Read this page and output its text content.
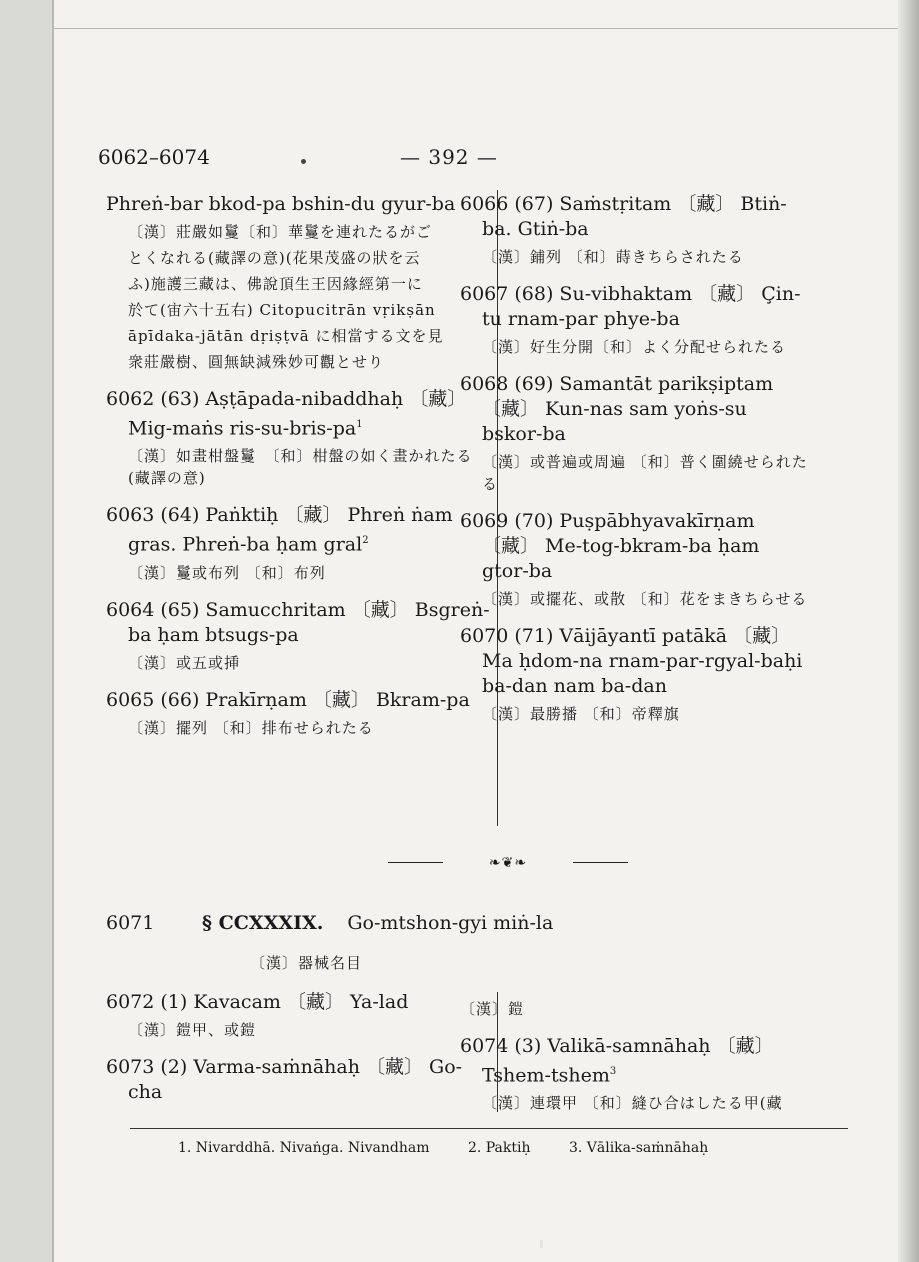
6062–6074	— 392 —
Phreṅ-bar bkod-pa bshin-du gyur-ba
〔漢〕莊嚴如鬘〔和〕華鬘を連れたるがご
とくなれる(藏譯の意)(花果茂盛の狀を云
ふ)施護三藏は、佛說頂生王因緣經第一に
於て(宙六十五右) Citopucitrān vṛikṣān
āpīdaka-jātān dṛiṣṭvā に相當する文を見
衆莊嚴樹、圓無缺減殊妙可觀とせり
6062 (63) Aṣṭāpada-nibaddhaḥ 〔藏〕 Mig-maṅs ris-$su-bris-pa^1$
〔漢〕如畫柑盤鬘　〔和〕柑盤の如く畫かれたる(藏譯の意)
6063 (64) Paṅktiḥ 〔藏〕 Phreṅ ṅam gras. Phreṅ-ba ḥam gral$^2$
〔漢〕鬘或布列 〔和〕布列
6064 (65) Samucchritam 〔藏〕 Bsgreṅ-ba ḥam btsugs-pa
〔漢〕或五或挿
6065 (66) Prakīrṇam 〔藏〕 Bkram-pa
〔漢〕擺列 〔和〕排布せられたる
6066 (67) Saṁstṛitam 〔藏〕 Btiṅ-ba. Gtiṅ-ba
〔漢〕鋪列 〔和〕蒔きちらされたる
6067 (68) Su-vibhaktam 〔藏〕 Çin-tu rnam-par phye-ba
〔漢〕好生分開〔和〕よく分配せられたる
6068 (69) Samantāt parikṣiptam 〔藏〕 Kun-nas sam yoṅs-su bskor-ba
〔漢〕或普遍或周遍 〔和〕普く圍繞せられたる
6069 (70) Puṣpābhyavakīrṇam 〔藏〕 Me-tog-bkram-ba ḥam gtor-ba
〔漢〕或擺花、或散 〔和〕花をまきちらせる
6070 (71) Vāijāyantī patākā 〔藏〕 Ma ḥdom-na rnam-par-rgyal-baḥi ba-dan nam ba-dan
〔漢〕最勝播 〔和〕帝釋旗
❧❦❧
6071	§ CCXXXIX. Go-mtshon-gyi miṅ-la
〔漢〕器械名目
6072 (1) Kavacam 〔藏〕 Ya-lad
〔漢〕鎧甲、或鎧
6073 (2) Varma-saṁnāhaḥ 〔藏〕 Go-cha
〔漢〕鎧
6074 (3) Valikā-samnāhaḥ 〔藏〕 Tshem-tshem$^3$
〔漢〕連環甲 〔和〕縫ひ合はしたる甲(藏
1. Nivarddhā. Nivaṅga. Nivandham	2. Paktiḥ	3. Vālika-saṁnāhaḥ
